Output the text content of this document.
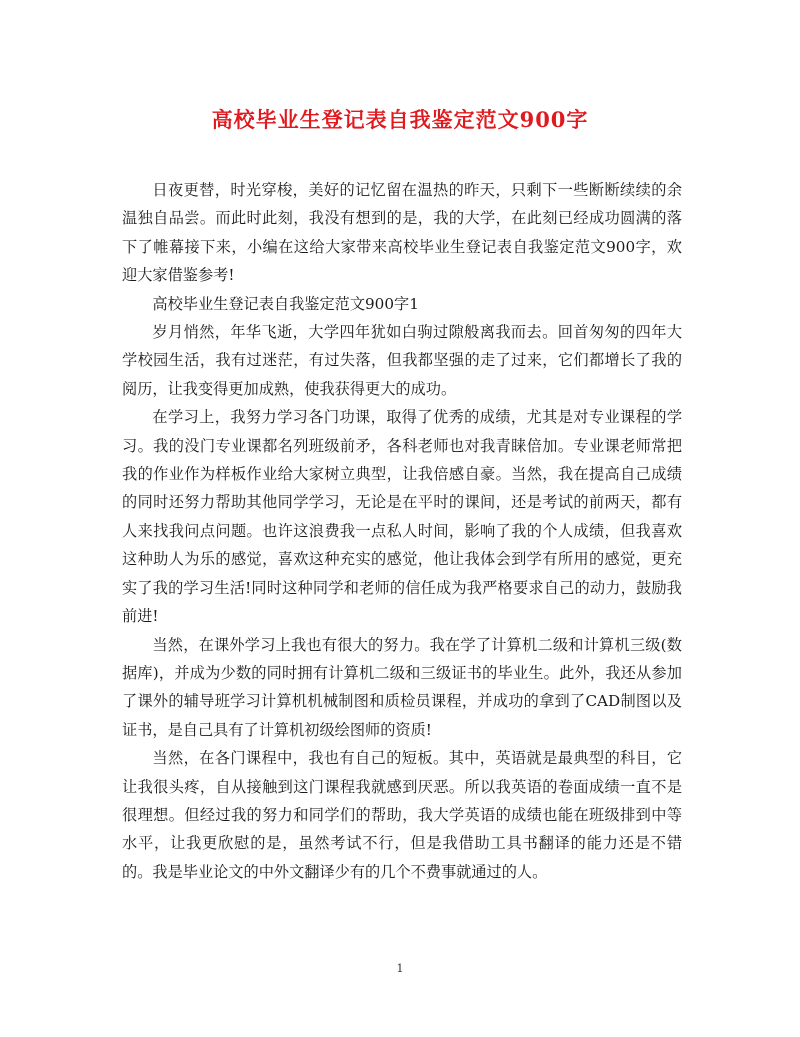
高校毕业生登记表自我鉴定范文900字

日夜更替，时光穿梭，美好的记忆留在温热的昨天，只剩下一些断断续续的余温独自品尝。而此时此刻，我没有想到的是，我的大学，在此刻已经成功圆满的落下了帷幕接下来，小编在这给大家带来高校毕业生登记表自我鉴定范文900字，欢迎大家借鉴参考!

高校毕业生登记表自我鉴定范文900字1

岁月悄然，年华飞逝，大学四年犹如白驹过隙般离我而去。回首匆匆的四年大学校园生活，我有过迷茫，有过失落，但我都坚强的走了过来，它们都增长了我的阅历，让我变得更加成熟，使我获得更大的成功。

在学习上，我努力学习各门功课，取得了优秀的成绩，尤其是对专业课程的学习。我的没门专业课都名列班级前矛，各科老师也对我青睐倍加。专业课老师常把我的作业作为样板作业给大家树立典型，让我倍感自豪。当然，我在提高自己成绩的同时还努力帮助其他同学学习，无论是在平时的课间，还是考试的前两天，都有人来找我问点问题。也许这浪费我一点私人时间，影响了我的个人成绩，但我喜欢这种助人为乐的感觉，喜欢这种充实的感觉，他让我体会到学有所用的感觉，更充实了我的学习生活!同时这种同学和老师的信任成为我严格要求自己的动力，鼓励我前进!

当然，在课外学习上我也有很大的努力。我在学了计算机二级和计算机三级(数据库)，并成为少数的同时拥有计算机二级和三级证书的毕业生。此外，我还从参加了课外的辅导班学习计算机机械制图和质检员课程，并成功的拿到了CAD制图以及证书，是自己具有了计算机初级绘图师的资质!

当然，在各门课程中，我也有自己的短板。其中，英语就是最典型的科目，它让我很头疼，自从接触到这门课程我就感到厌恶。所以我英语的卷面成绩一直不是很理想。但经过我的努力和同学们的帮助，我大学英语的成绩也能在班级排到中等水平，让我更欣慰的是，虽然考试不行，但是我借助工具书翻译的能力还是不错的。我是毕业论文的中外文翻译少有的几个不费事就通过的人。

1
